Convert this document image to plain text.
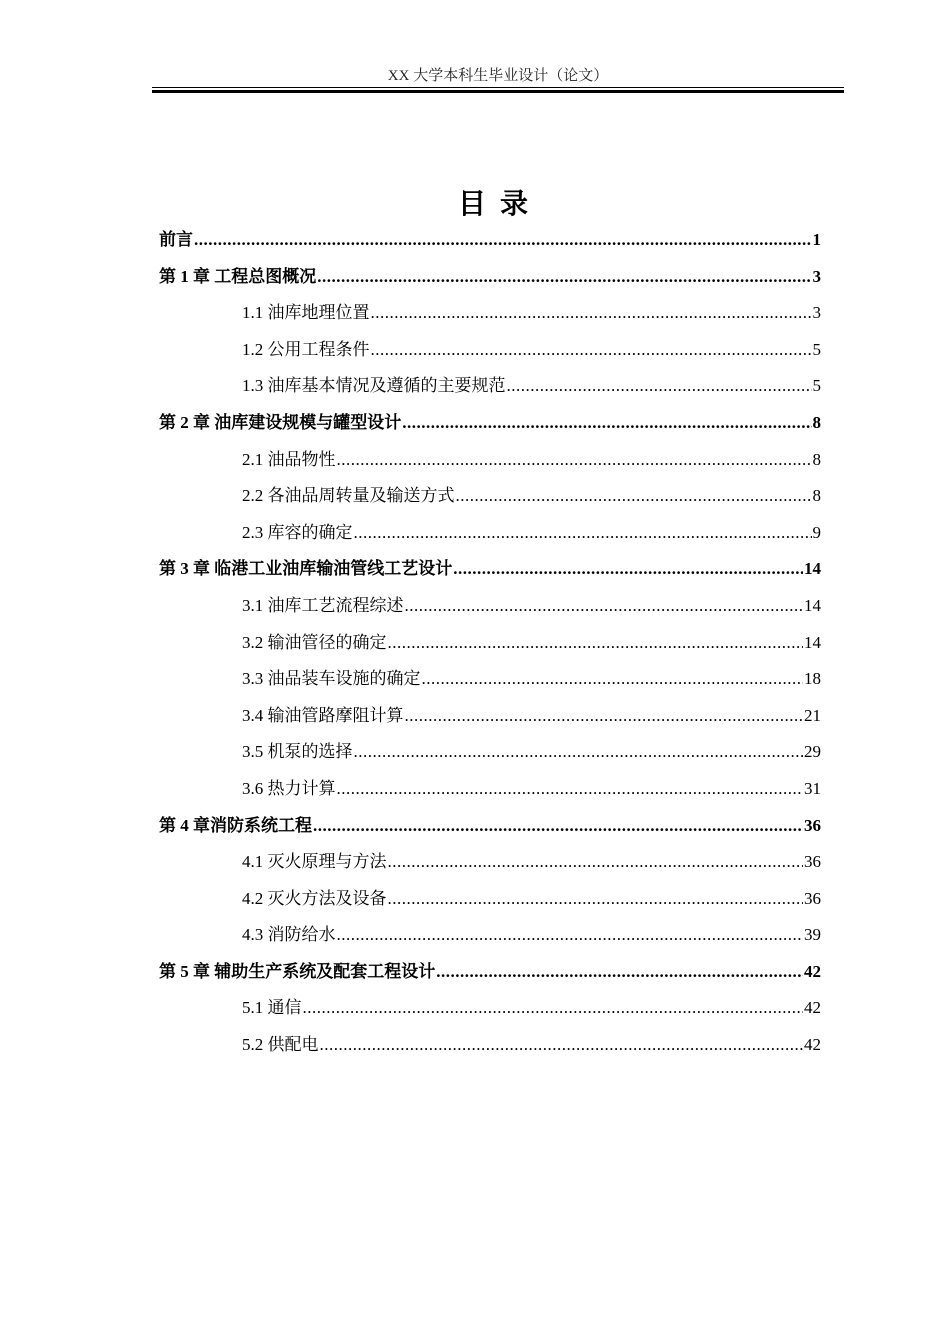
XX 大学本科生毕业设计（论文）
目录
前言 .....	1
第 1 章 工程总图概况 .....	3
1.1 油库地理位置 .....	3
1.2 公用工程条件 .....	5
1.3 油库基本情况及遵循的主要规范 .....	5
第 2 章 油库建设规模与罐型设计 .....	8
2.1 油品物性 .....	8
2.2 各油品周转量及输送方式 .....	8
2.3 库容的确定 .....	9
第 3 章 临港工业油库输油管线工艺设计 .....	14
3.1 油库工艺流程综述 .....	14
3.2 输油管径的确定 .....	14
3.3 油品装车设施的确定 .....	18
3.4 输油管路摩阻计算 .....	21
3.5 机泵的选择 .....	29
3.6 热力计算 .....	31
第 4 章消防系统工程 .....	36
4.1 灭火原理与方法 .....	36
4.2 灭火方法及设备 .....	36
4.3 消防给水 .....	39
第 5 章 辅助生产系统及配套工程设计 .....	42
5.1 通信 .....	42
5.2 供配电 .....	42
